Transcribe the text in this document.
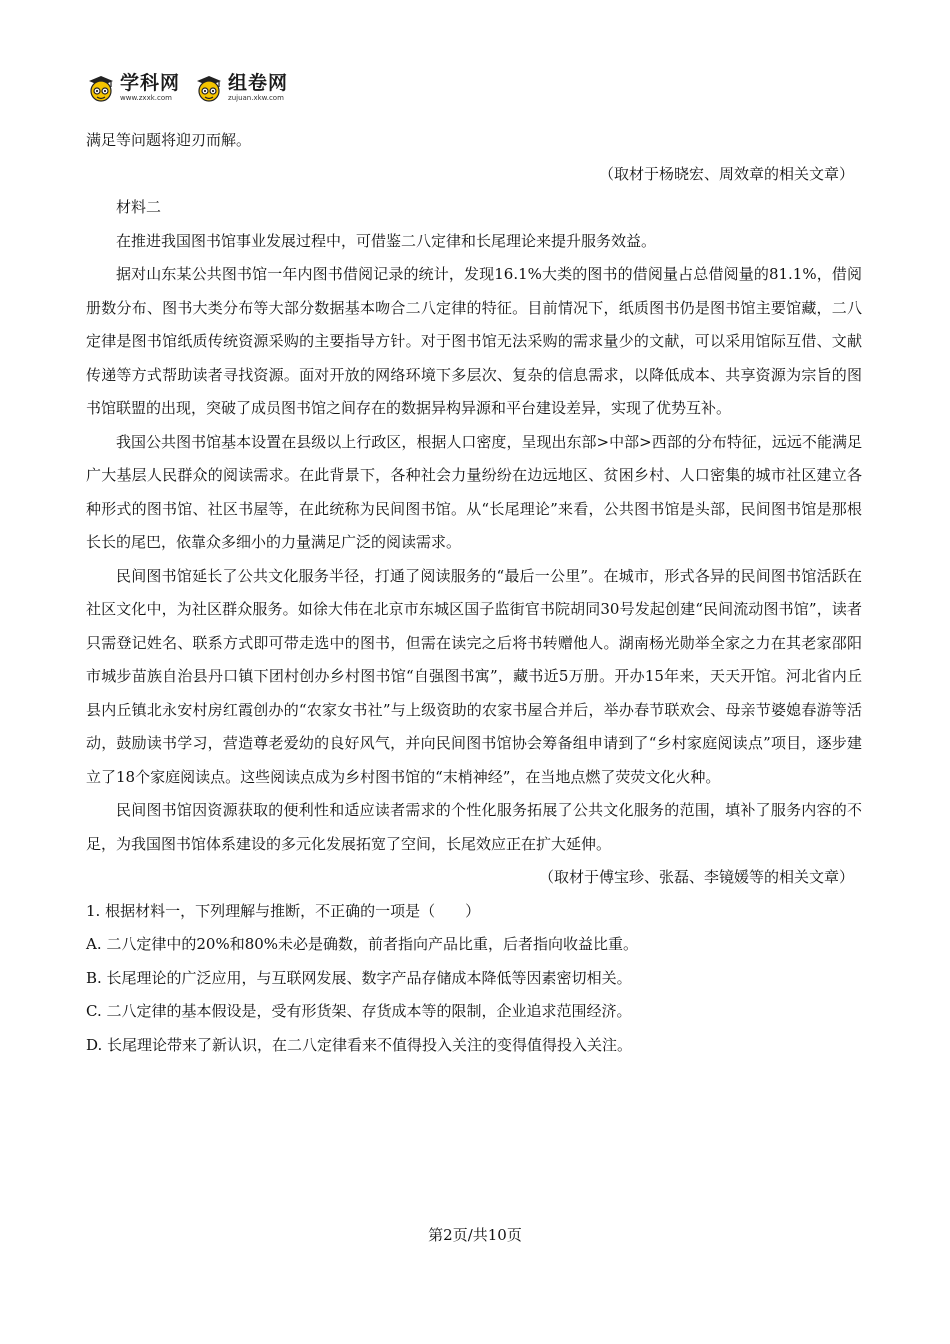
学科网
www.zxxk.com
组卷网
zujuan.xkw.com

满足等问题将迎刃而解。

（取材于杨晓宏、周效章的相关文章）

材料二

在推进我国图书馆事业发展过程中，可借鉴二八定律和长尾理论来提升服务效益。

据对山东某公共图书馆一年内图书借阅记录的统计，发现16.1%大类的图书的借阅量占总借阅量的81.1%，借阅册数分布、图书大类分布等大部分数据基本吻合二八定律的特征。目前情况下，纸质图书仍是图书馆主要馆藏，二八定律是图书馆纸质传统资源采购的主要指导方针。对于图书馆无法采购的需求量少的文献，可以采用馆际互借、文献传递等方式帮助读者寻找资源。面对开放的网络环境下多层次、复杂的信息需求，以降低成本、共享资源为宗旨的图书馆联盟的出现，突破了成员图书馆之间存在的数据异构异源和平台建设差异，实现了优势互补。

我国公共图书馆基本设置在县级以上行政区，根据人口密度，呈现出东部>中部>西部的分布特征，远远不能满足广大基层人民群众的阅读需求。在此背景下，各种社会力量纷纷在边远地区、贫困乡村、人口密集的城市社区建立各种形式的图书馆、社区书屋等，在此统称为民间图书馆。从“长尾理论”来看，公共图书馆是头部，民间图书馆是那根长长的尾巴，依靠众多细小的力量满足广泛的阅读需求。

民间图书馆延长了公共文化服务半径，打通了阅读服务的“最后一公里”。在城市，形式各异的民间图书馆活跃在社区文化中，为社区群众服务。如徐大伟在北京市东城区国子监街官书院胡同30号发起创建“民间流动图书馆”，读者只需登记姓名、联系方式即可带走选中的图书，但需在读完之后将书转赠他人。湖南杨光勋举全家之力在其老家邵阳市城步苗族自治县丹口镇下团村创办乡村图书馆“自强图书寓”，藏书近5万册。开办15年来，天天开馆。河北省内丘县内丘镇北永安村房红霞创办的“农家女书社”与上级资助的农家书屋合并后，举办春节联欢会、母亲节婆媳春游等活动，鼓励读书学习，营造尊老爱幼的良好风气，并向民间图书馆协会筹备组申请到了“乡村家庭阅读点”项目，逐步建立了18个家庭阅读点。这些阅读点成为乡村图书馆的“末梢神经”，在当地点燃了荧荧文化火种。

民间图书馆因资源获取的便利性和适应读者需求的个性化服务拓展了公共文化服务的范围，填补了服务内容的不足，为我国图书馆体系建设的多元化发展拓宽了空间，长尾效应正在扩大延伸。

（取材于傅宝珍、张磊、李镜媛等的相关文章）

1. 根据材料一，下列理解与推断，不正确的一项是（　　）

A. 二八定律中的20%和80%未必是确数，前者指向产品比重，后者指向收益比重。

B. 长尾理论的广泛应用，与互联网发展、数字产品存储成本降低等因素密切相关。

C. 二八定律的基本假设是，受有形货架、存货成本等的限制，企业追求范围经济。

D. 长尾理论带来了新认识，在二八定律看来不值得投入关注的变得值得投入关注。

第2页/共10页
